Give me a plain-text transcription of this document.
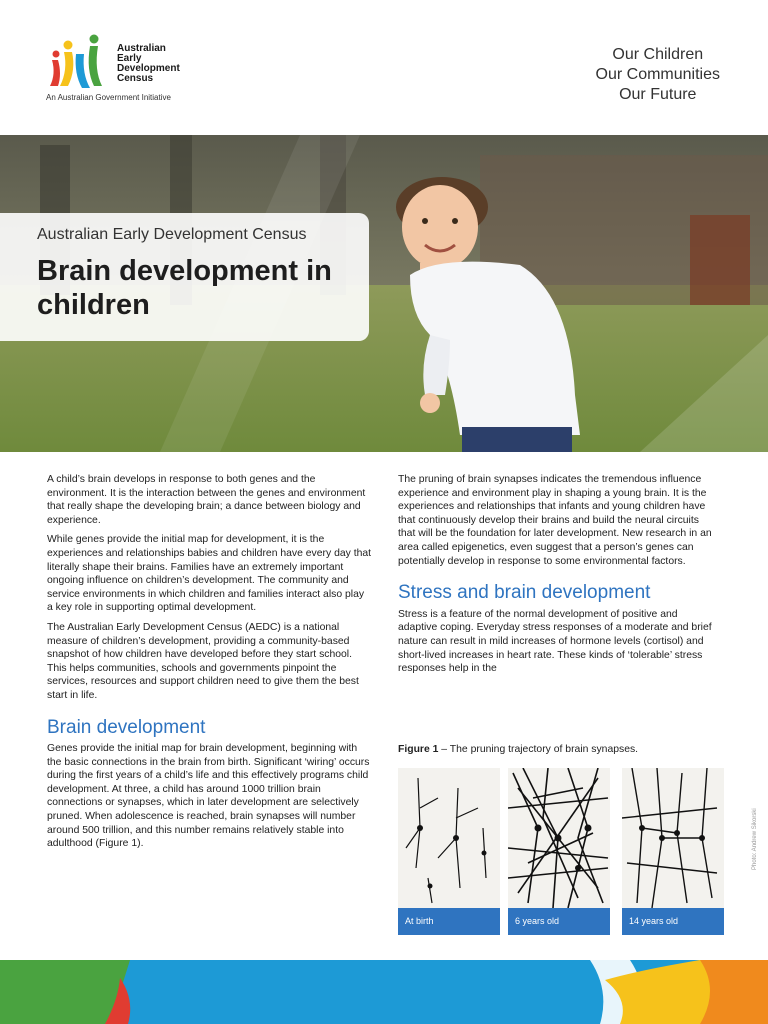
Australian
Early
Development
Census
An Australian Government Initiative
Our Children
Our Communities
Our Future
Australian Early Development Census
Brain development in children

A child’s brain develops in response to both genes and the environment. It is the interaction between the genes and environment that really shape the developing brain; a dance between biology and experience.

While genes provide the initial map for development, it is the experiences and relationships babies and children have every day that literally shape their brains. Families have an extremely important ongoing influence on children’s development. The community and service environments in which children and families interact also play a key role in supporting optimal development.

The Australian Early Development Census (AEDC) is a national measure of children’s development, providing a community-based snapshot of how children have developed before they start school. This helps communities, schools and governments pinpoint the services, resources and support children need to give them the best start in life.

Brain development

Genes provide the initial map for brain development, beginning with the basic connections in the brain from birth. Significant ‘wiring’ occurs during the first years of a child’s life and this effectively programs child development. At three, a child has around 1000 trillion brain connections or synapses, which in later development are selectively pruned. When adolescence is reached, brain synapses will number around 500 trillion, and this number remains relatively stable into adulthood (Figure 1).

The pruning of brain synapses indicates the tremendous influence experience and environment play in shaping a young brain. It is the experiences and relationships that infants and young children have that continuously develop their brains and build the neural circuits that will be the foundation for later development. New research in an area called epigenetics, even suggest that a person’s genes can potentially develop in response to some environmental factors.

Stress and brain development

Stress is a feature of the normal development of positive and adaptive coping. Everyday stress responses of a moderate and brief nature can result in mild increases of hormone levels (cortisol) and short-lived increases in heart rate. These kinds of ‘tolerable’ stress responses help in the

Figure 1 – The pruning trajectory of brain synapses.
At birth	6 years old	14 years old
Photo: Andrew Sikorski
